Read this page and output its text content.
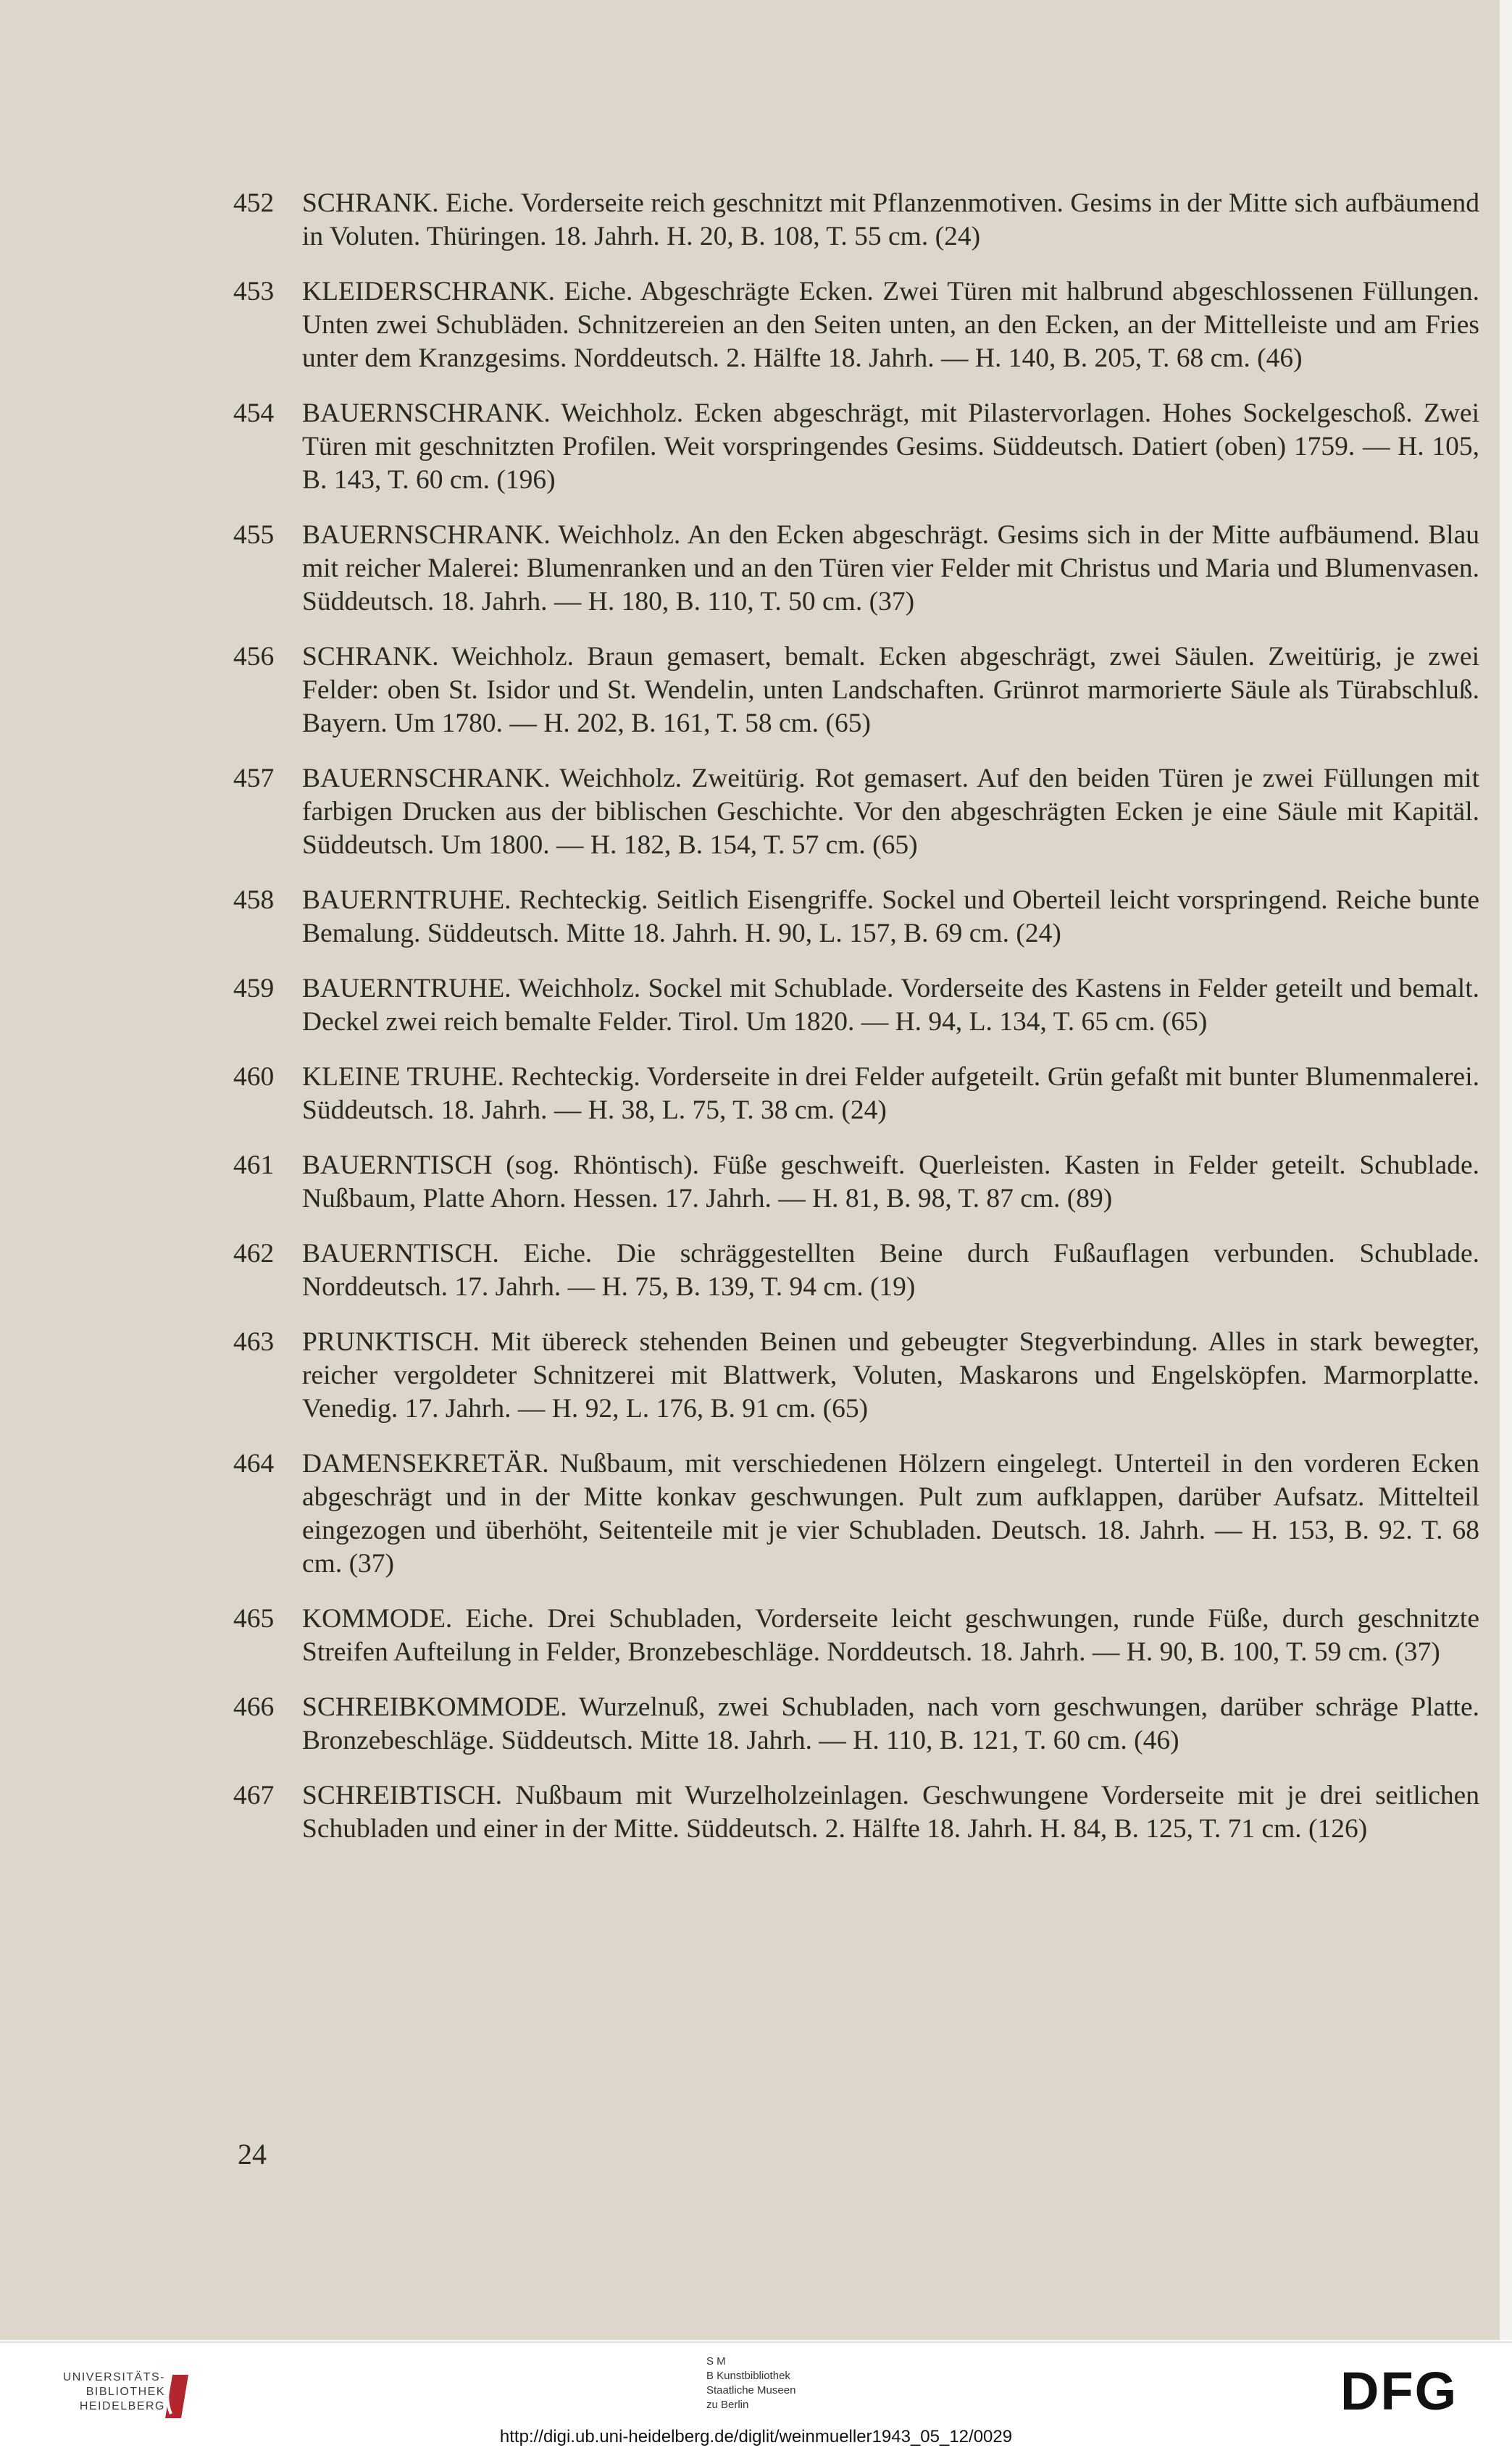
452	SCHRANK. Eiche. Vorderseite reich geschnitzt mit Pflanzenmotiven. Gesims in der Mitte sich aufbäumend in Voluten. Thüringen. 18. Jahrh. H. 20, B. 108, T. 55 cm. (24)
453	KLEIDERSCHRANK. Eiche. Abgeschrägte Ecken. Zwei Türen mit halbrund abgeschlossenen Füllungen. Unten zwei Schubläden. Schnitzereien an den Seiten unten, an den Ecken, an der Mittelleiste und am Fries unter dem Kranzgesims. Norddeutsch. 2. Hälfte 18. Jahrh. — H. 140, B. 205, T. 68 cm. (46)
454	BAUERNSCHRANK. Weichholz. Ecken abgeschrägt, mit Pilastervorlagen. Hohes Sockelgeschoß. Zwei Türen mit geschnitzten Profilen. Weit vorspringendes Gesims. Süddeutsch. Datiert (oben) 1759. — H. 105, B. 143, T. 60 cm. (196)
455	BAUERNSCHRANK. Weichholz. An den Ecken abgeschrägt. Gesims sich in der Mitte aufbäumend. Blau mit reicher Malerei: Blumenranken und an den Türen vier Felder mit Christus und Maria und Blumenvasen. Süddeutsch. 18. Jahrh. — H. 180, B. 110, T. 50 cm. (37)
456	SCHRANK. Weichholz. Braun gemasert, bemalt. Ecken abgeschrägt, zwei Säulen. Zweitürig, je zwei Felder: oben St. Isidor und St. Wendelin, unten Landschaften. Grünrot marmorierte Säule als Türabschluß. Bayern. Um 1780. — H. 202, B. 161, T. 58 cm. (65)
457	BAUERNSCHRANK. Weichholz. Zweitürig. Rot gemasert. Auf den beiden Türen je zwei Füllungen mit farbigen Drucken aus der biblischen Geschichte. Vor den abgeschrägten Ecken je eine Säule mit Kapitäl. Süddeutsch. Um 1800. — H. 182, B. 154, T. 57 cm. (65)
458	BAUERNTRUHE. Rechteckig. Seitlich Eisengriffe. Sockel und Oberteil leicht vorspringend. Reiche bunte Bemalung. Süddeutsch. Mitte 18. Jahrh. H. 90, L. 157, B. 69 cm. (24)
459	BAUERNTRUHE. Weichholz. Sockel mit Schublade. Vorderseite des Kastens in Felder geteilt und bemalt. Deckel zwei reich bemalte Felder. Tirol. Um 1820. — H. 94, L. 134, T. 65 cm. (65)
460	KLEINE TRUHE. Rechteckig. Vorderseite in drei Felder aufgeteilt. Grün gefaßt mit bunter Blumenmalerei. Süddeutsch. 18. Jahrh. — H. 38, L. 75, T. 38 cm. (24)
461	BAUERNTISCH (sog. Rhöntisch). Füße geschweift. Querleisten. Kasten in Felder geteilt. Schublade. Nußbaum, Platte Ahorn. Hessen. 17. Jahrh. — H. 81, B. 98, T. 87 cm. (89)
462	BAUERNTISCH. Eiche. Die schräggestellten Beine durch Fußauflagen verbunden. Schublade. Norddeutsch. 17. Jahrh. — H. 75, B. 139, T. 94 cm. (19)
463	PRUNKTISCH. Mit übereck stehenden Beinen und gebeugter Stegverbindung. Alles in stark bewegter, reicher vergoldeter Schnitzerei mit Blattwerk, Voluten, Maskarons und Engelsköpfen. Marmorplatte. Venedig. 17. Jahrh. — H. 92, L. 176, B. 91 cm. (65)
464	DAMENSEKRETÄR. Nußbaum, mit verschiedenen Hölzern eingelegt. Unterteil in den vorderen Ecken abgeschrägt und in der Mitte konkav geschwungen. Pult zum aufklappen, darüber Aufsatz. Mittelteil eingezogen und überhöht, Seitenteile mit je vier Schubladen. Deutsch. 18. Jahrh. — H. 153, B. 92. T. 68 cm. (37)
465	KOMMODE. Eiche. Drei Schubladen, Vorderseite leicht geschwungen, runde Füße, durch geschnitzte Streifen Aufteilung in Felder, Bronzebeschläge. Norddeutsch. 18. Jahrh. — H. 90, B. 100, T. 59 cm. (37)
466	SCHREIBKOMMODE. Wurzelnuß, zwei Schubladen, nach vorn geschwungen, darüber schräge Platte. Bronzebeschläge. Süddeutsch. Mitte 18. Jahrh. — H. 110, B. 121, T. 60 cm. (46)
467	SCHREIBTISCH. Nußbaum mit Wurzelholzeinlagen. Geschwungene Vorderseite mit je drei seitlichen Schubladen und einer in der Mitte. Süddeutsch. 2. Hälfte 18. Jahrh. H. 84, B. 125, T. 71 cm. (126)
24
UNIVERSITÄTS-
BIBLIOTHEK
HEIDELBERG
S M
B Kunstbibliothek
Staatliche Museen
zu Berlin	DFG
http://digi.ub.uni-heidelberg.de/diglit/weinmueller1943_05_12/0029
